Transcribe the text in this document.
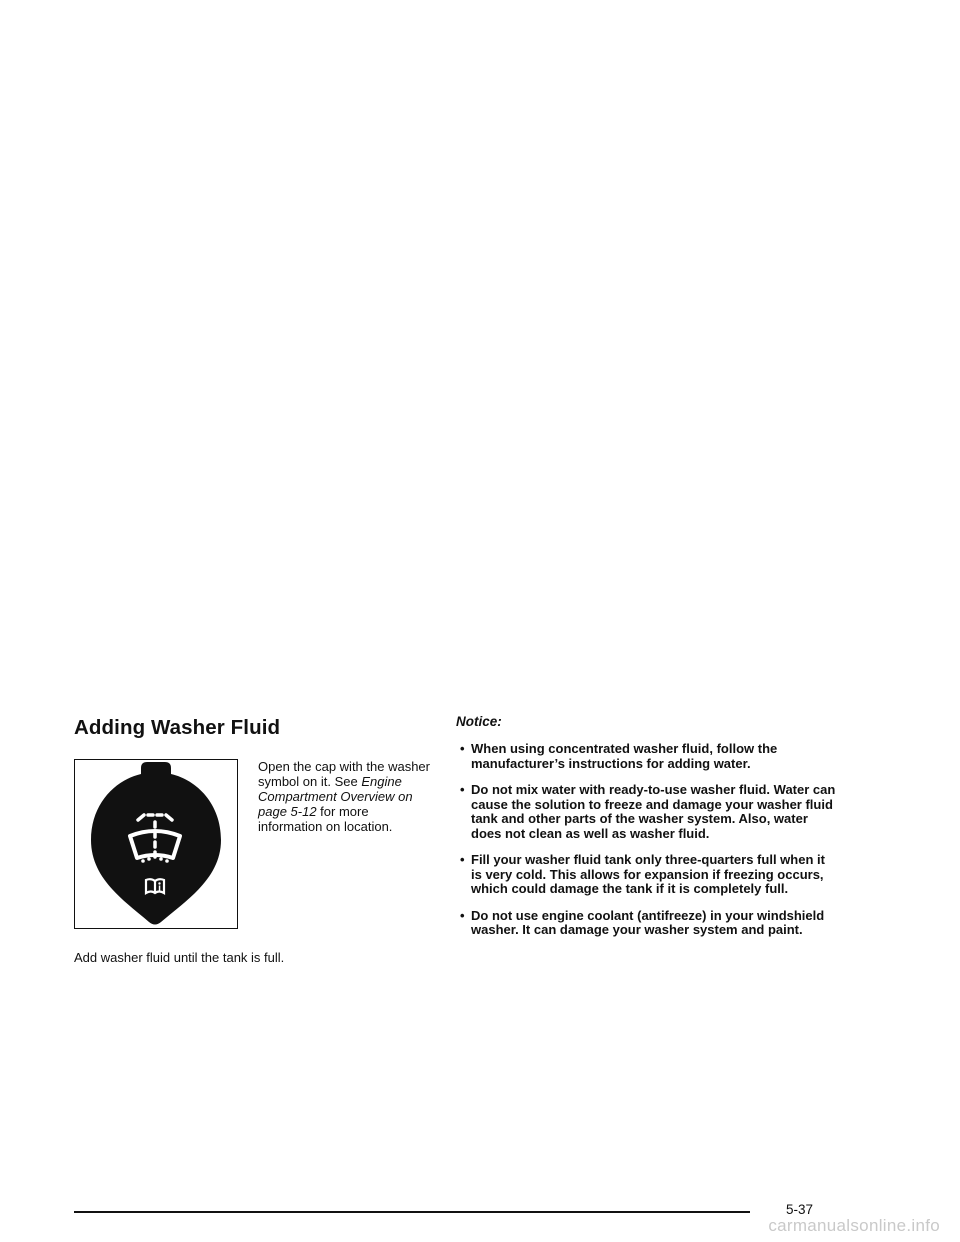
Adding Washer Fluid

Open the cap with the washer symbol on it. See Engine Compartment Overview on page 5-12 for more information on location.

Add washer fluid until the tank is full.

Notice:

• When using concentrated washer fluid, follow the manufacturer’s instructions for adding water.
• Do not mix water with ready-to-use washer fluid. Water can cause the solution to freeze and damage your washer fluid tank and other parts of the washer system. Also, water does not clean as well as washer fluid.
• Fill your washer fluid tank only three-quarters full when it is very cold. This allows for expansion if freezing occurs, which could damage the tank if it is completely full.
• Do not use engine coolant (antifreeze) in your windshield washer. It can damage your washer system and paint.

5-37

carmanualsonline.info
